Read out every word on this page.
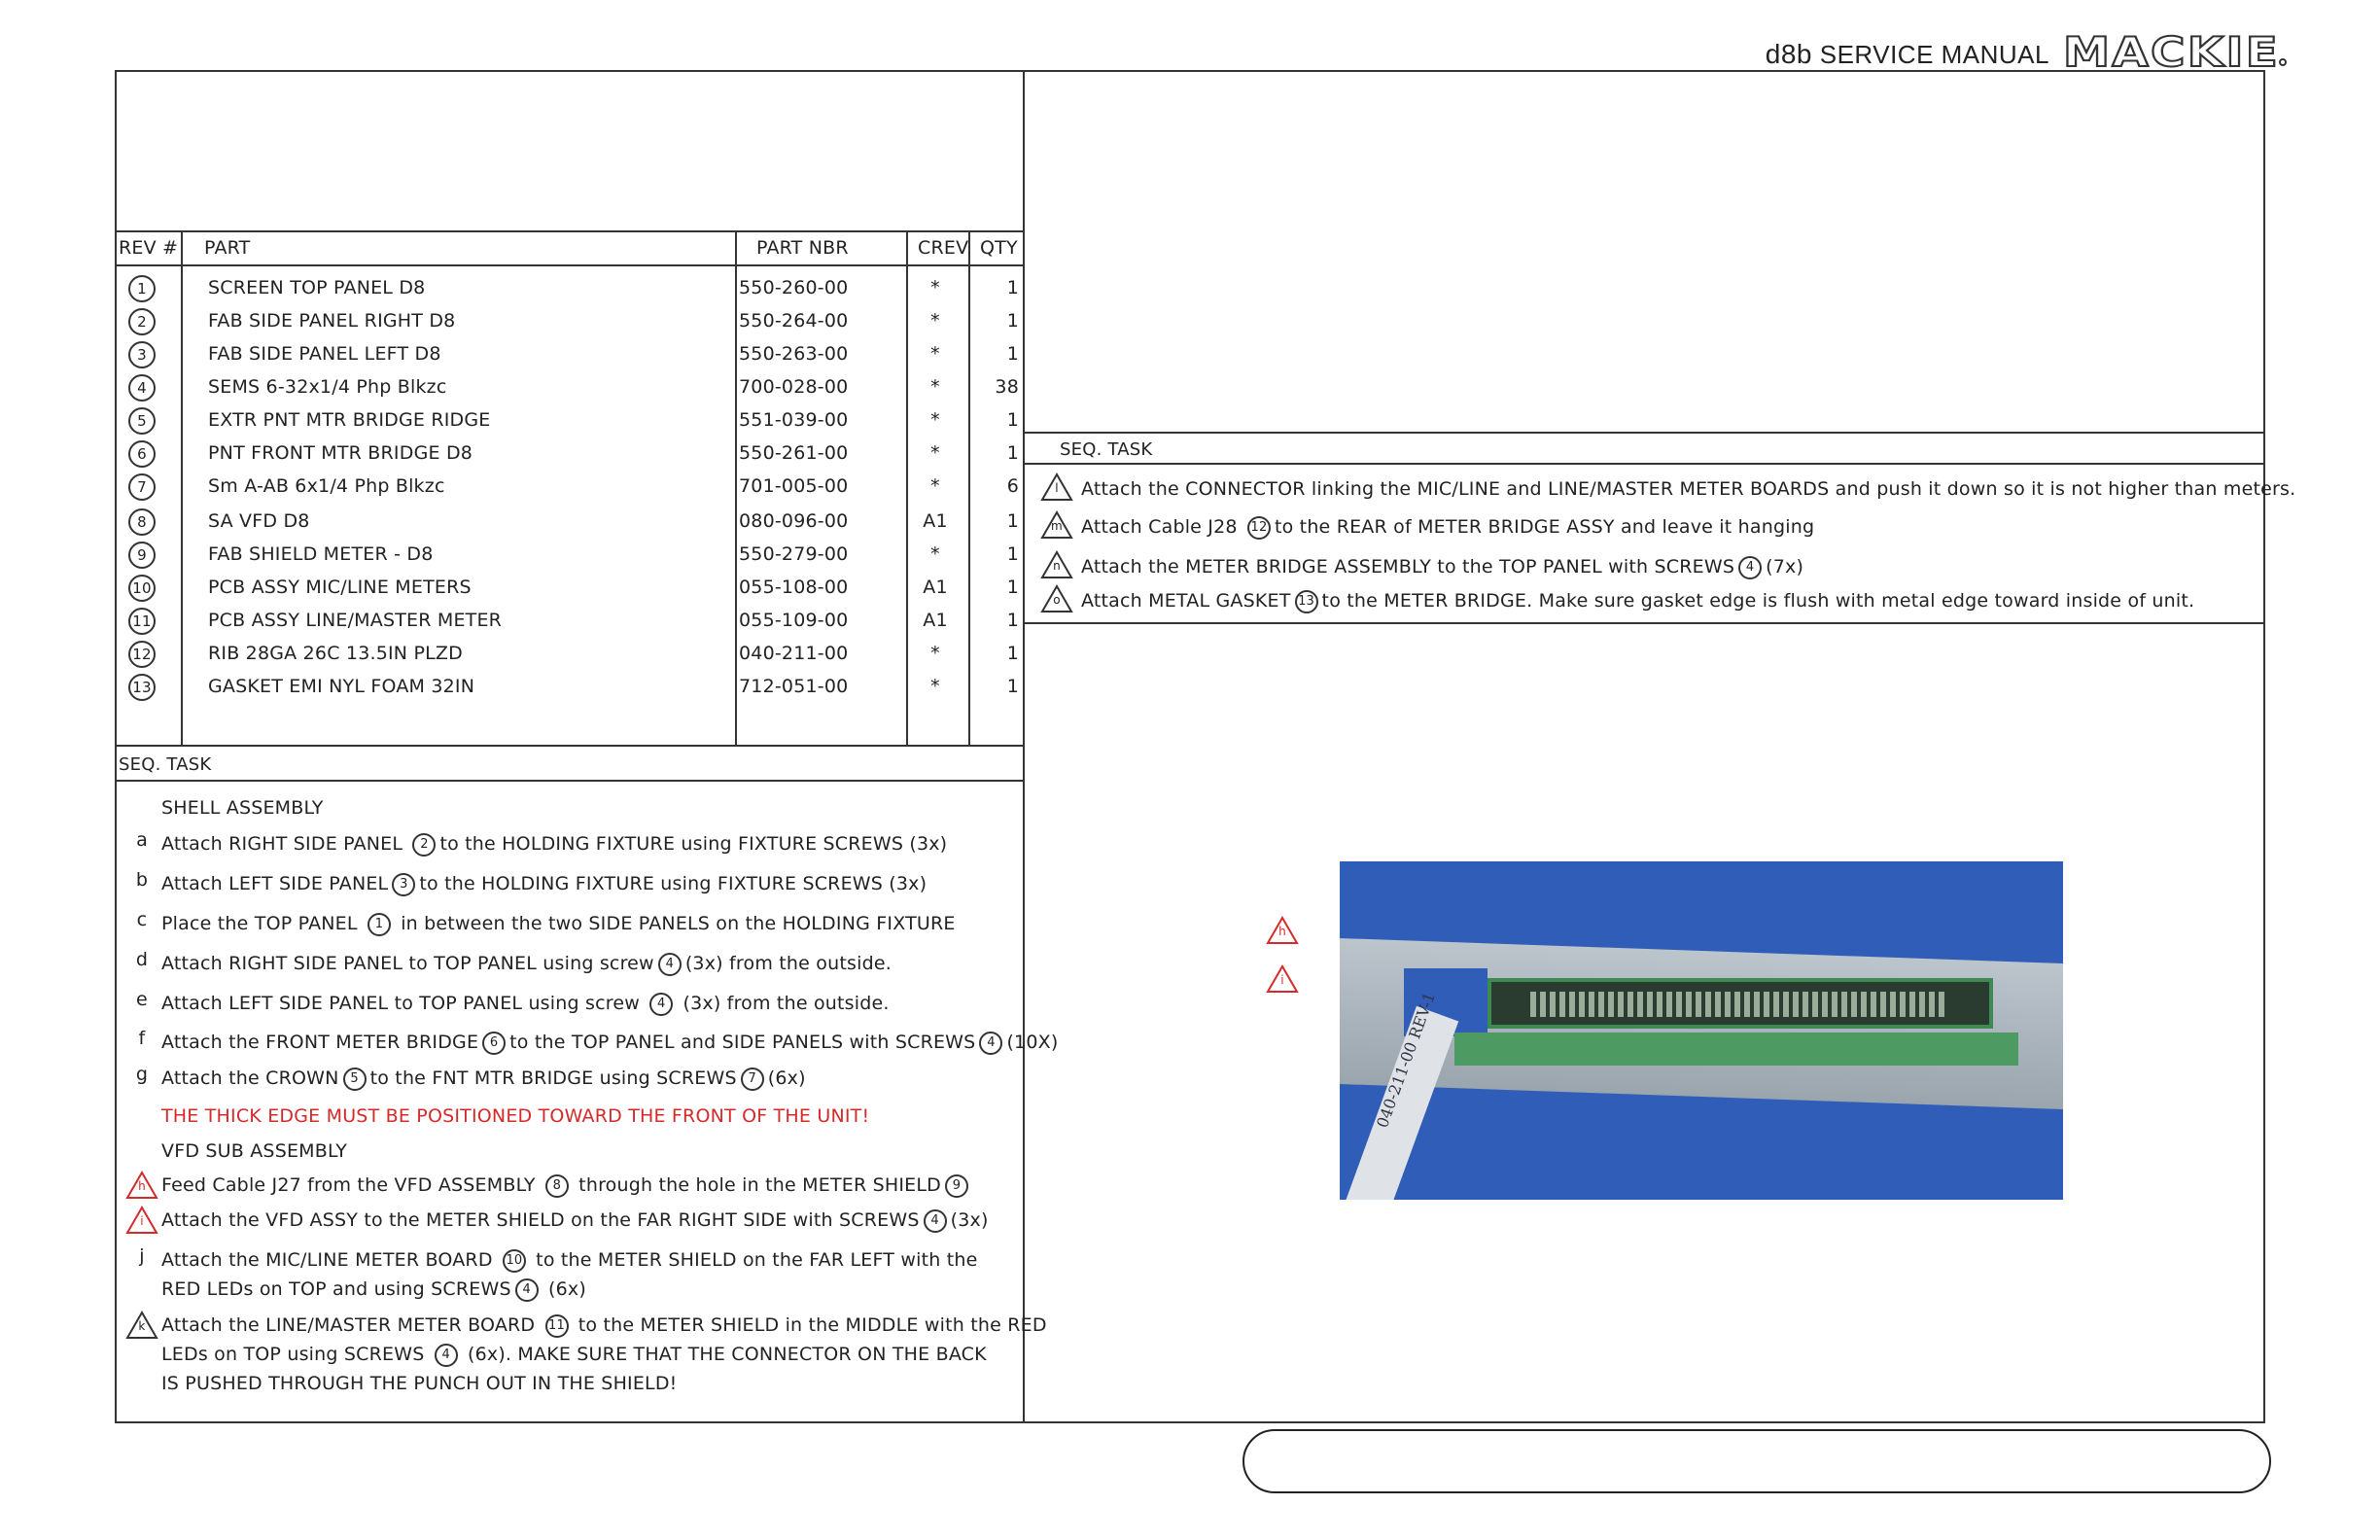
d8b SERVICE MANUAL MACKIE
REV # PART	PART NBR	CREV QTY
1	SCREEN TOP PANEL D8	550-260-00	*	1
2	FAB SIDE PANEL RIGHT D8	550-264-00	*	1
3	FAB SIDE PANEL LEFT D8	550-263-00	*	1
4	SEMS 6-32x1/4 Php Blkzc	700-028-00	*	38
5	EXTR PNT MTR BRIDGE RIDGE	551-039-00	*	1
6	PNT FRONT MTR BRIDGE D8	550-261-00	*	1
7	Sm A-AB 6x1/4 Php Blkzc	701-005-00	*	6
8	SA VFD D8	080-096-00	A1	1
9	FAB SHIELD METER - D8	550-279-00	*	1
10	PCB ASSY MIC/LINE METERS	055-108-00	A1	1
11	PCB ASSY LINE/MASTER METER	055-109-00	A1	1
12	RIB 28GA 26C 13.5IN PLZD	040-211-00	*	1
13	GASKET EMI NYL FOAM 32IN	712-051-00	*	1
SEQ. TASK
SHELL ASSEMBLY
a Attach RIGHT SIDE PANEL 2 to the HOLDING FIXTURE using FIXTURE SCREWS (3x)
b Attach LEFT SIDE PANEL 3 to the HOLDING FIXTURE using FIXTURE SCREWS (3x)
c Place the TOP PANEL 1 in between the two SIDE PANELS on the HOLDING FIXTURE
d Attach RIGHT SIDE PANEL to TOP PANEL using screw 4 (3x) from the outside.
e Attach LEFT SIDE PANEL to TOP PANEL using screw 4 (3x) from the outside.
f Attach the FRONT METER BRIDGE 6 to the TOP PANEL and SIDE PANELS with SCREWS 4 (10X)
g Attach the CROWN 5 to the FNT MTR BRIDGE using SCREWS 7 (6x)
THE THICK EDGE MUST BE POSITIONED TOWARD THE FRONT OF THE UNIT!
VFD SUB ASSEMBLY
h Feed Cable J27 from the VFD ASSEMBLY 8 through the hole in the METER SHIELD 9
i Attach the VFD ASSY to the METER SHIELD on the FAR RIGHT SIDE with SCREWS 4 (3x)
j Attach the MIC/LINE METER BOARD 10 to the METER SHIELD on the FAR LEFT with the
RED LEDs on TOP and using SCREWS 4 (6x)
k Attach the LINE/MASTER METER BOARD 11 to the METER SHIELD in the MIDDLE with the RED
LEDs on TOP using SCREWS 4 (6x). MAKE SURE THAT THE CONNECTOR ON THE BACK
IS PUSHED THROUGH THE PUNCH OUT IN THE SHIELD!
SEQ. TASK
l	Attach the CONNECTOR linking the MIC/LINE and LINE/MASTER METER BOARDS and push it down so it is not higher than meters.
m	Attach Cable J28 12 to the REAR of METER BRIDGE ASSY and leave it hanging
n	Attach the METER BRIDGE ASSEMBLY to the TOP PANEL with SCREWS 4 (7x)
o	Attach METAL GASKET 13 to the METER BRIDGE. Make sure gasket edge is flush with metal edge toward inside of unit.
h
i
040-211-00 REV-1
